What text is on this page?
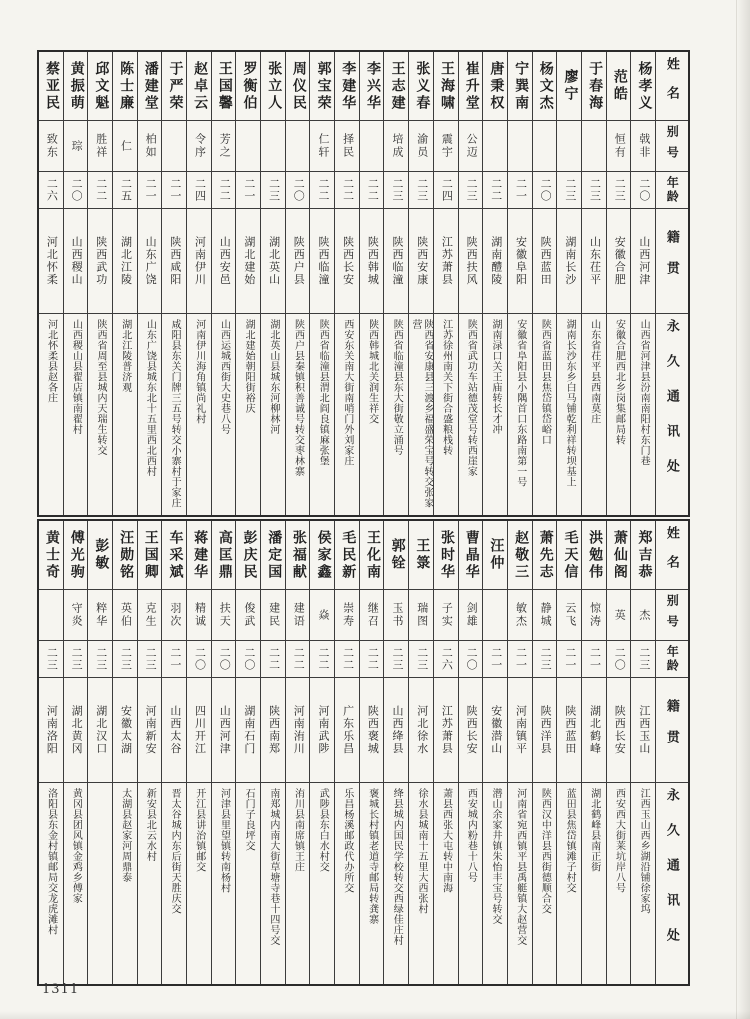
姓名
别号
年龄
籍贯
永久通讯处
杨孝义
戟非
二〇
山西河津
山西省河津县汾南南阳村东门巷
范皓
恒有
二三
安徽合肥
安徽合肥西北乡岗集邮局转
于春海
二三
山东茌平
山东省茌平县西南莫庄
廖宁
二三
湖南长沙
湖南长沙东乡白马铺乾利祥转坝基上
杨文杰
二〇
陕西蓝田
陕西省蓝田县焦岱镇岱峪口
宁巽南
二一
安徽阜阳
安徽省阜阳县小隅首口东路南第一号
唐秉权
二二
湖南醴陵
湖南渌口关王庙转长才冲
崔升堂
公迈
二三
陕西扶风
陕西省武功车站德茂堂号转西崖家
王海啸
震宇
二四
江苏萧县
江苏徐州南关下街合盛粮栈转
张义春
渝员
二三
陕西安康
陕西省安康县三渡乡福盛荣宝号转交张家营
王志建
培成
二三
陕西临潼
陕西省临潼县东大街敬立涌号
李兴华
二二
陕西韩城
陕西韩城北关润生祥交
李建华
择民
二二
陕西长安
西安东关南大街南哨门外刘家庄
郭宝荣
仁轩
二二
陕西临潼
陕西省临潼县渭北阎良镇麻张堡
周仪民
二〇
陕西户县
陕西户县秦镇积善诚号转交枣林寨
张立人
二三
湖北英山
湖北英山县城东河柳林河
罗衡伯
二一
湖北建始
湖北建始朝阳街裕庆
王国馨
芳之
二二
山西安邑
山西运城西街大史巷八号
赵卓云
令序
二四
河南伊川
河南伊川海角镇尚礼村
于严荣
二一
陕西咸阳
咸阳县东关门牌三五号转交小寨村于家庄
潘建堂
柏如
二一
山东广饶
山东广饶县城东北十五里西北西村
陈士廉
仁
二五
湖北江陵
湖北江陵普济观
邱文魁
胜祥
二二
陕西武功
陕西省周至县城内天瑞生转交
黄振萌
琮
二〇
山西稷山
山西稷山县翟店镇南翟村
蔡亚民
致东
二六
河北怀柔
河北怀柔县赵各庄
姓名
别号
年龄
籍贯
永久通讯处
郑吉恭
杰
二三
江西玉山
江西玉山西乡湖沿铺徐家坞
萧仙阁
英
二〇
陕西长安
西安西大街莱坑岸八号
洪勉伟
惊涛
二一
湖北鹤峰
湖北鹤峰县南正街
毛天信
云飞
二一
陕西蓝田
蓝田县焦岱镇滩子村交
萧先志
静城
二三
陕西洋县
陕西汉中洋县西街德顺合交
赵敬三
敏杰
二一
河南镇平
河南省宛西镇平县禹艇镇大赵营交
汪仲
二一
安徽潜山
潜山余家井镇朱怡丰宝号转交
曹晶华
剑雄
二〇
陕西长安
西安城内粉巷十八号
张时华
子实
二六
江苏萧县
萧县西张大屯转中南海
王箓
瑞图
二三
河北徐水
徐水县城南十五里大西张村
郭铨
玉书
二三
山西绛县
绛县城内国民学校转交西绿佳庄村
王化南
继召
二二
陕西褒城
褒城长村镇老道寺邮局转龚寨
毛民新
崇寿
二二
广东乐昌
乐昌杨溪邮政代办所交
侯家鑫
焱
二二
河南武陟
武陟县东白水村交
张福献
建语
二二
河南洧川
洧川县南席镇王庄
潘定国
建民
二二
陕西南郑
南郑城内南大街草塘寺巷十四号交
彭庆民
俊武
二〇
湖南石门
石门子良坪交
高匡鼎
扶天
二〇
山西河津
河津县里望镇转南杨村
蒋建华
精诚
二〇
四川开江
开江县讲治镇邮交
车采斌
羽次
二一
山西太谷
晋太谷城内东后街天胜庆交
王国卿
克生
二三
河南新安
新安县北云水村
汪勋铭
英伯
二三
安徽太湖
太湖县赵家河周鼎泰
彭敏
粹华
二三
湖北汉口
傅光驹
守炎
二三
湖北黄冈
黄冈县团风镇金鸡乡傅家
黄士奇
二三
河南洛阳
洛阳县东金村镇邮局交龙虎滩村
1311
